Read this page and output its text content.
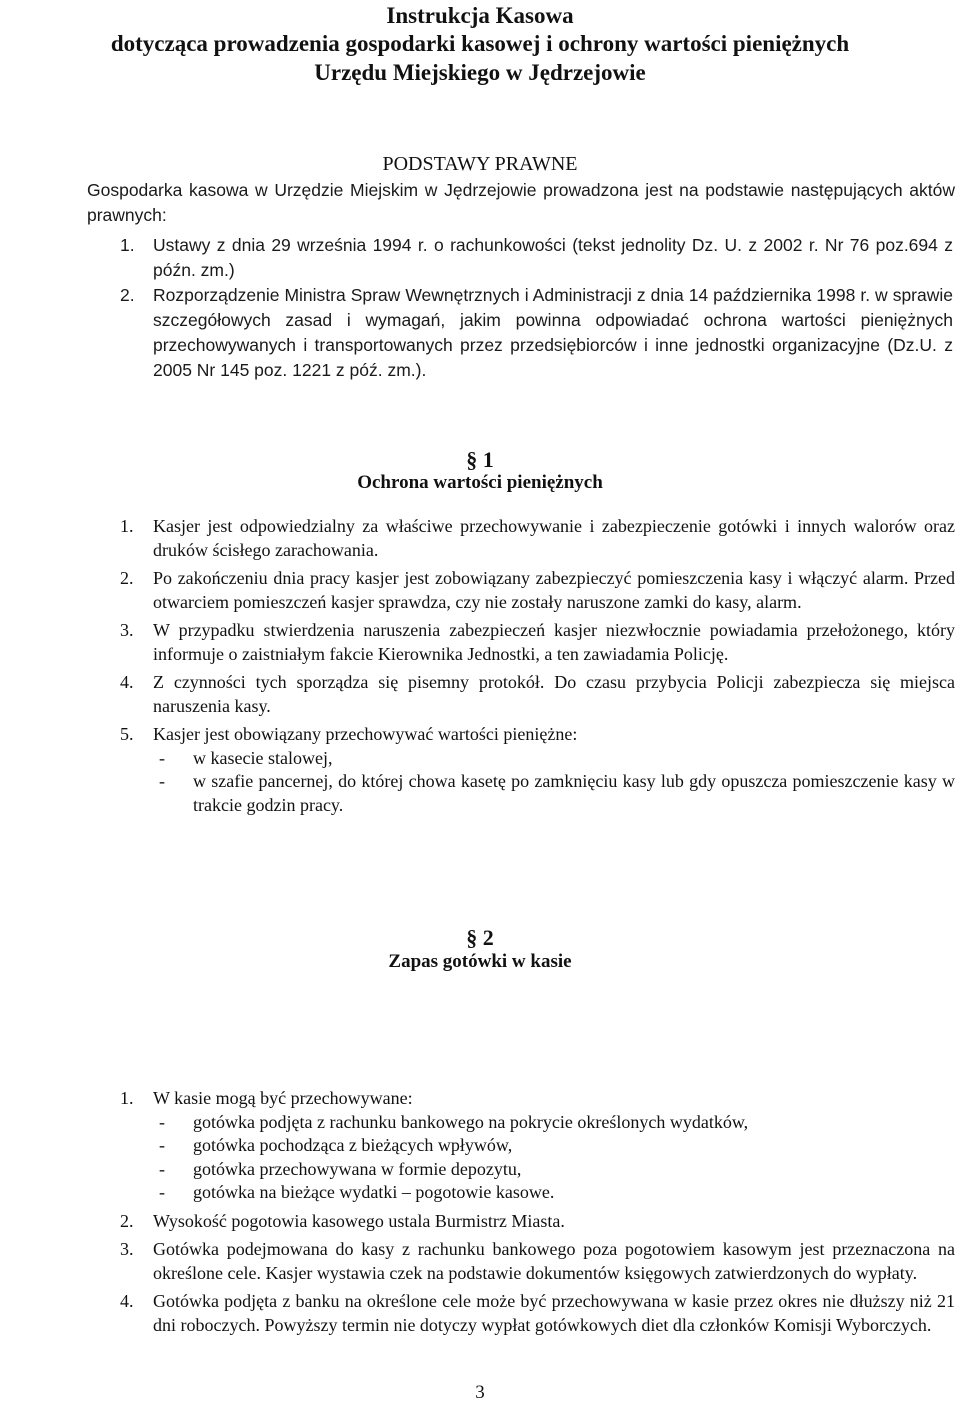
Instrukcja Kasowa
dotycząca prowadzenia gospodarki kasowej i ochrony wartości pieniężnych
Urzędu Miejskiego w Jędrzejowie
PODSTAWY PRAWNE
Gospodarka kasowa w Urzędzie Miejskim w Jędrzejowie prowadzona jest na podstawie następujących aktów prawnych:
1. Ustawy z dnia 29 września 1994 r. o rachunkowości (tekst jednolity Dz. U. z 2002 r. Nr 76 poz.694 z późn. zm.)
2. Rozporządzenie Ministra Spraw Wewnętrznych i Administracji z dnia 14 października 1998 r. w sprawie szczegółowych zasad i wymagań, jakim powinna odpowiadać ochrona wartości pieniężnych przechowywanych i transportowanych przez przedsiębiorców i inne jednostki organizacyjne (Dz.U. z 2005 Nr 145 poz. 1221 z póź. zm.).
§ 1
Ochrona wartości pieniężnych
1. Kasjer jest odpowiedzialny za właściwe przechowywanie i zabezpieczenie gotówki i innych walorów oraz druków ścisłego zarachowania.
2. Po zakończeniu dnia pracy kasjer jest zobowiązany zabezpieczyć pomieszczenia kasy i włączyć alarm. Przed otwarciem pomieszczeń kasjer sprawdza, czy nie zostały naruszone zamki do kasy, alarm.
3. W przypadku stwierdzenia naruszenia zabezpieczeń kasjer niezwłocznie powiadamia przełożonego, który informuje o zaistniałym fakcie Kierownika Jednostki, a ten zawiadamia Policję.
4. Z czynności tych sporządza się pisemny protokół. Do czasu przybycia Policji zabezpiecza się miejsca naruszenia kasy.
5. Kasjer jest obowiązany przechowywać wartości pieniężne:
- w kasecie stalowej,
- w szafie pancernej, do której chowa kasetę po zamknięciu kasy lub gdy opuszcza pomieszczenie kasy w trakcie godzin pracy.
§ 2
Zapas gotówki w kasie
1. W kasie mogą być przechowywane:
- gotówka podjęta z rachunku bankowego na pokrycie określonych wydatków,
- gotówka pochodząca z bieżących wpływów,
- gotówka przechowywana w formie depozytu,
- gotówka na bieżące wydatki – pogotowie kasowe.
2. Wysokość pogotowia kasowego ustala Burmistrz Miasta.
3. Gotówka podejmowana do kasy z rachunku bankowego poza pogotowiem kasowym jest przeznaczona na określone cele. Kasjer wystawia czek na podstawie dokumentów księgowych zatwierdzonych do wypłaty.
4. Gotówka podjęta z banku na określone cele może być przechowywana w kasie przez okres nie dłuższy niż 21 dni roboczych. Powyższy termin nie dotyczy wypłat gotówkowych diet dla członków Komisji Wyborczych.
3
